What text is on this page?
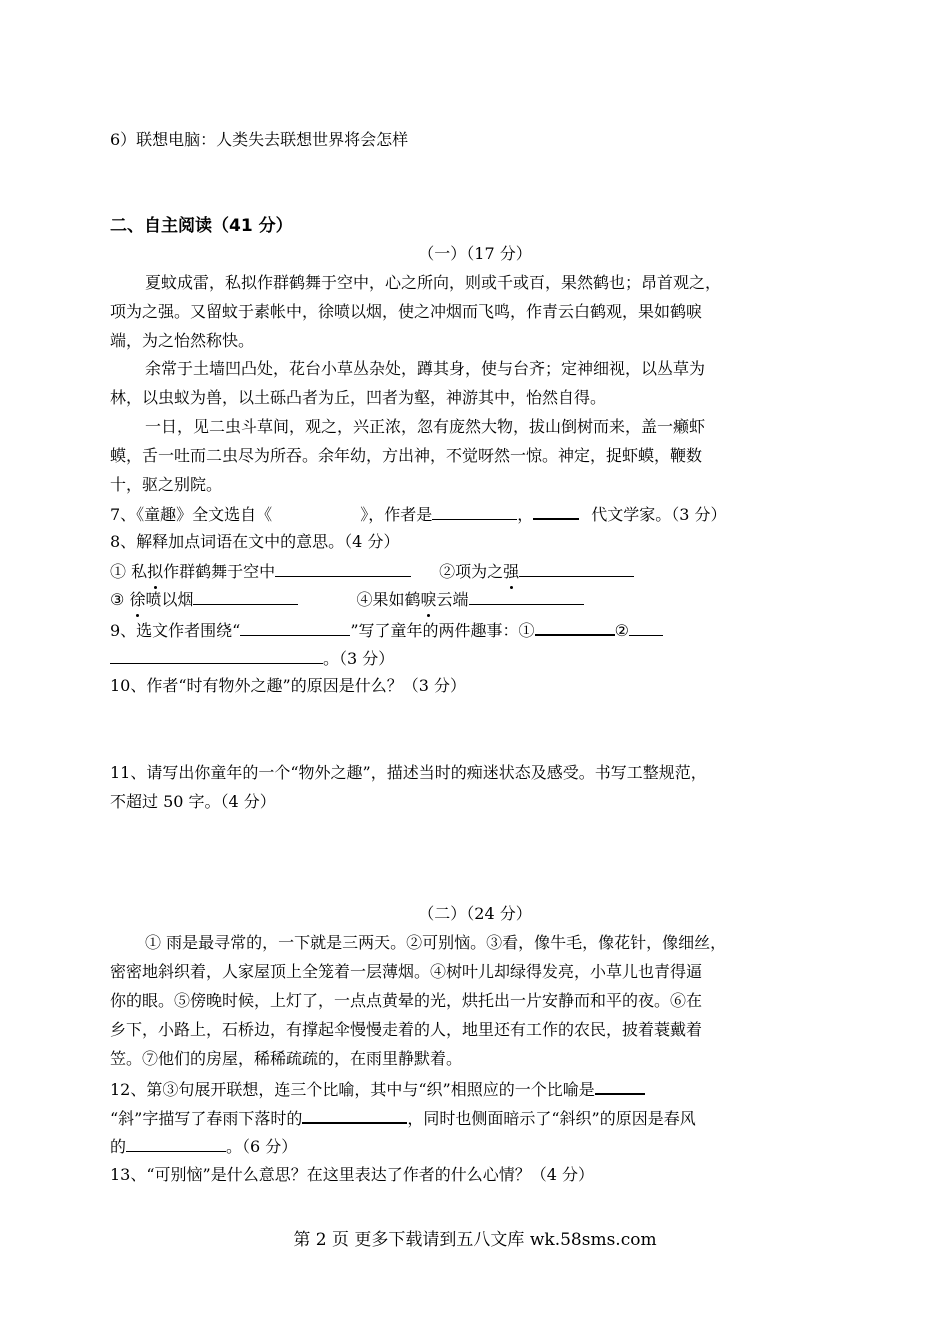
6）联想电脑：人类失去联想世界将会怎样
二、自主阅读（41 分）
（一）（17 分）
夏蚊成雷，私拟作群鹤舞于空中，心之所向，则或千或百，果然鹤也；昂首观之，
项为之强。又留蚊于素帐中，徐喷以烟，使之冲烟而飞鸣，作青云白鹤观，果如鹤唳
端，为之怡然称快。
余常于土墙凹凸处，花台小草丛杂处，蹲其身，使与台齐；定神细视，以丛草为
林，以虫蚁为兽，以土砾凸者为丘，凹者为壑，神游其中，怡然自得。
一日，见二虫斗草间，观之，兴正浓，忽有庞然大物，拔山倒树而来，盖一癞虾
蟆，舌一吐而二虫尽为所吞。余年幼，方出神，不觉呀然一惊。神定，捉虾蟆，鞭数
十，驱之别院。
7、《童趣》全文选自《	》，作者是	，	代文学家。（3 分）
8、解释加点词语在文中的意思。（4 分）
① 私拟作群鹤舞于空中	②项为之强
③ 徐喷以烟	④果如鹤唳云端
9、选文作者围绕“	”写了童年的两件趣事：①	②
。（3 分）
10、作者“时有物外之趣”的原因是什么？（3 分）
11、请写出你童年的一个“物外之趣”，描述当时的痴迷状态及感受。书写工整规范，
不超过 50 字。（4 分）
（二）（24 分）
① 雨是最寻常的，一下就是三两天。②可别恼。③看，像牛毛，像花针，像细丝，
密密地斜织着，人家屋顶上全笼着一层薄烟。④树叶儿却绿得发亮，小草儿也青得逼
你的眼。⑤傍晚时候，上灯了，一点点黄晕的光，烘托出一片安静而和平的夜。⑥在
乡下，小路上，石桥边，有撑起伞慢慢走着的人，地里还有工作的农民，披着蓑戴着
笠。⑦他们的房屋，稀稀疏疏的，在雨里静默着。
12、第③句展开联想，连三个比喻，其中与“织”相照应的一个比喻是
“斜”字描写了春雨下落时的	，同时也侧面暗示了“斜织”的原因是春风
的	。（6 分）
13、“可别恼”是什么意思？在这里表达了作者的什么心情？（4 分）
第 2 页 更多下载请到五八文库 wk.58sms.com
